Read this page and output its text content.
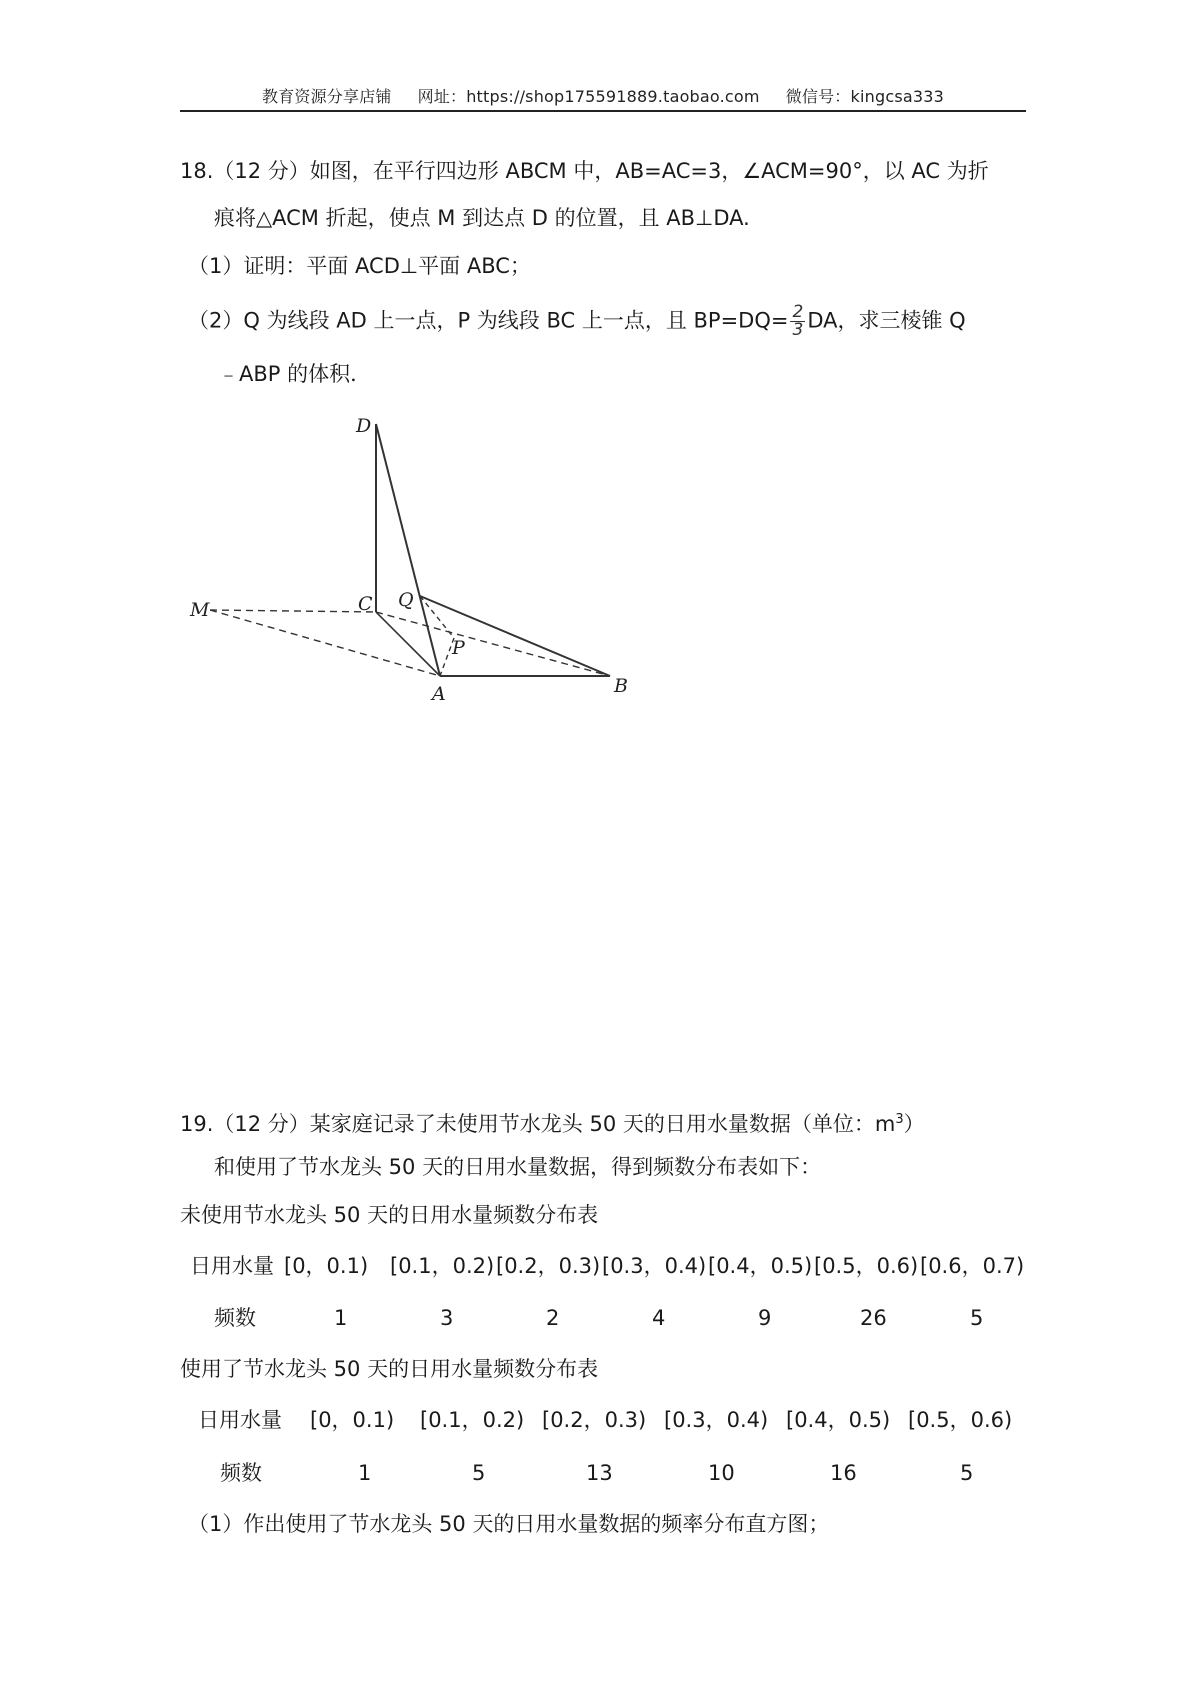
教育资源分享店铺 网址：https://shop175591889.taobao.com 微信号：kingcsa333
18.（12 分）如图，在平行四边形 ABCM 中，AB=AC=3，∠ACM=90°，以 AC 为折
痕将△ACM 折起，使点 M 到达点 D 的位置，且 AB⊥DA.
（1）证明：平面 ACD⊥平面 ABC；
（2）Q 为线段 AD 上一点，P 为线段 BC 上一点，且 $BP=DQ= \frac{2}{3}$ DA，求三棱锥 Q
﹣ABP 的体积．
D
C Q
M
P
A	B
19.（12 分）某家庭记录了未使用节水龙头 50 天的日用水量数据（单位：$m^3$）
和使用了节水龙头 50 天的日用水量数据，得到频数分布表如下：
未使用节水龙头 50 天的日用水量频数分布表
日用水量 [0，0.1) [0.1，0.2) [0.2，0.3) [0.3，0.4) [0.4，0.5) [0.5，0.6) [0.6，0.7)
频数	1	3	2	4	9	26	5
使用了节水龙头 50 天的日用水量频数分布表
日用水量 [0，0.1) [0.1，0.2) [0.2，0.3) [0.3，0.4) [0.4，0.5) [0.5，0.6)
频数	1	5	13	10	16	5
（1）作出使用了节水龙头 50 天的日用水量数据的频率分布直方图；
